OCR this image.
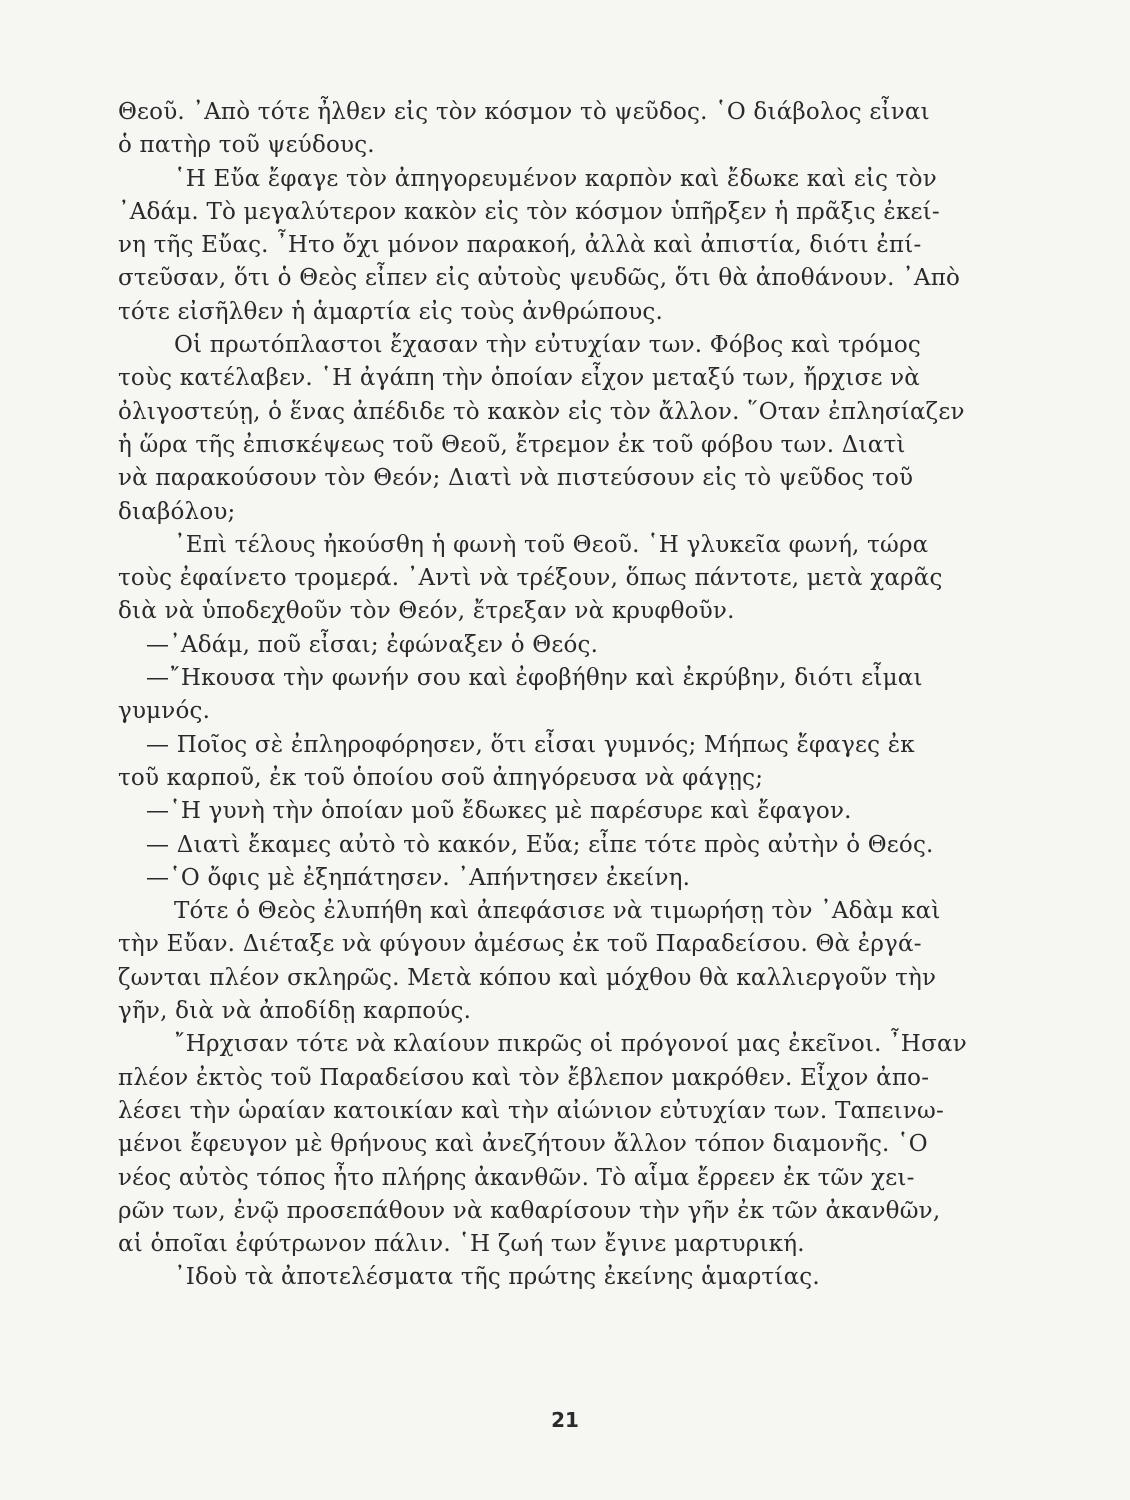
Θεοῦ. ᾿Απὸ τότε ἦλθεν εἰς τὸν κόσμον τὸ ψεῦδος. ῾Ο διάβολος εἶναι
ὁ πατὴρ τοῦ ψεύδους.
῾Η Εὔα ἔφαγε τὸν ἀπηγορευμένον καρπὸν καὶ ἔδωκε καὶ εἰς τὸν
᾿Αδάμ. Τὸ μεγαλύτερον κακὸν εἰς τὸν κόσμον ὑπῆρξεν ἡ πρᾶξις ἐκεί-
νη τῆς Εὔας. ῏Ητο ὄχι μόνον παρακοή, ἀλλὰ καὶ ἀπιστία, διότι ἐπί-
στεῦσαν, ὅτι ὁ Θεὸς εἶπεν εἰς αὐτοὺς ψευδῶς, ὅτι θὰ ἀποθάνουν. ᾿Απὸ
τότε εἰσῆλθεν ἡ ἁμαρτία εἰς τοὺς ἀνθρώπους.
Οἱ πρωτόπλαστοι ἔχασαν τὴν εὐτυχίαν των. Φόβος καὶ τρόμος
τοὺς κατέλαβεν. ῾Η ἀγάπη τὴν ὁποίαν εἶχον μεταξύ των, ἤρχισε νὰ
ὀλιγοστεύῃ, ὁ ἕνας ἀπέδιδε τὸ κακὸν εἰς τὸν ἄλλον. ῞Οταν ἐπλησίαζεν
ἡ ὥρα τῆς ἐπισκέψεως τοῦ Θεοῦ, ἔτρεμον ἐκ τοῦ φόβου των. Διατὶ
νὰ παρακούσουν τὸν Θεόν; Διατὶ νὰ πιστεύσουν εἰς τὸ ψεῦδος τοῦ
διαβόλου;
᾿Επὶ τέλους ἠκούσθη ἡ φωνὴ τοῦ Θεοῦ. ῾Η γλυκεῖα φωνή, τώρα
τοὺς ἐφαίνετο τρομερά. ᾿Αντὶ νὰ τρέξουν, ὅπως πάντοτε, μετὰ χαρᾶς
διὰ νὰ ὑποδεχθοῦν τὸν Θεόν, ἔτρεξαν νὰ κρυφθοῦν.
—᾿Αδάμ, ποῦ εἶσαι; ἐφώναξεν ὁ Θεός.
—῎Ηκουσα τὴν φωνήν σου καὶ ἐφοβήθην καὶ ἐκρύβην, διότι εἶμαι
γυμνός.
— Ποῖος σὲ ἐπληροφόρησεν, ὅτι εἶσαι γυμνός; Μήπως ἔφαγες ἐκ
τοῦ καρποῦ, ἐκ τοῦ ὁποίου σοῦ ἀπηγόρευσα νὰ φάγῃς;
—῾Η γυνὴ τὴν ὁποίαν μοῦ ἔδωκες μὲ παρέσυρε καὶ ἔφαγον.
— Διατὶ ἔκαμες αὐτὸ τὸ κακόν, Εὔα; εἶπε τότε πρὸς αὐτὴν ὁ Θεός.
—῾Ο ὄφις μὲ ἐξηπάτησεν. ᾿Απήντησεν ἐκείνη.
Τότε ὁ Θεὸς ἐλυπήθη καὶ ἀπεφάσισε νὰ τιμωρήσῃ τὸν ᾿Αδὰμ καὶ
τὴν Εὔαν. Διέταξε νὰ φύγουν ἀμέσως ἐκ τοῦ Παραδείσου. Θὰ ἐργά-
ζωνται πλέον σκληρῶς. Μετὰ κόπου καὶ μόχθου θὰ καλλιεργοῦν τὴν
γῆν, διὰ νὰ ἀποδίδῃ καρπούς.
῎Ηρχισαν τότε νὰ κλαίουν πικρῶς οἱ πρόγονοί μας ἐκεῖνοι. ῏Ησαν
πλέον ἐκτὸς τοῦ Παραδείσου καὶ τὸν ἔβλεπον μακρόθεν. Εἶχον ἀπο-
λέσει τὴν ὡραίαν κατοικίαν καὶ τὴν αἰώνιον εὐτυχίαν των. Ταπεινω-
μένοι ἔφευγον μὲ θρήνους καὶ ἀνεζήτουν ἄλλον τόπον διαμονῆς. ῾Ο
νέος αὐτὸς τόπος ἦτο πλήρης ἀκανθῶν. Τὸ αἷμα ἔρρεεν ἐκ τῶν χει-
ρῶν των, ἐνῷ προσεπάθουν νὰ καθαρίσουν τὴν γῆν ἐκ τῶν ἀκανθῶν,
αἱ ὁποῖαι ἐφύτρωνον πάλιν. ῾Η ζωή των ἔγινε μαρτυρική.
᾿Ιδοὺ τὰ ἀποτελέσματα τῆς πρώτης ἐκείνης ἁμαρτίας.
21
